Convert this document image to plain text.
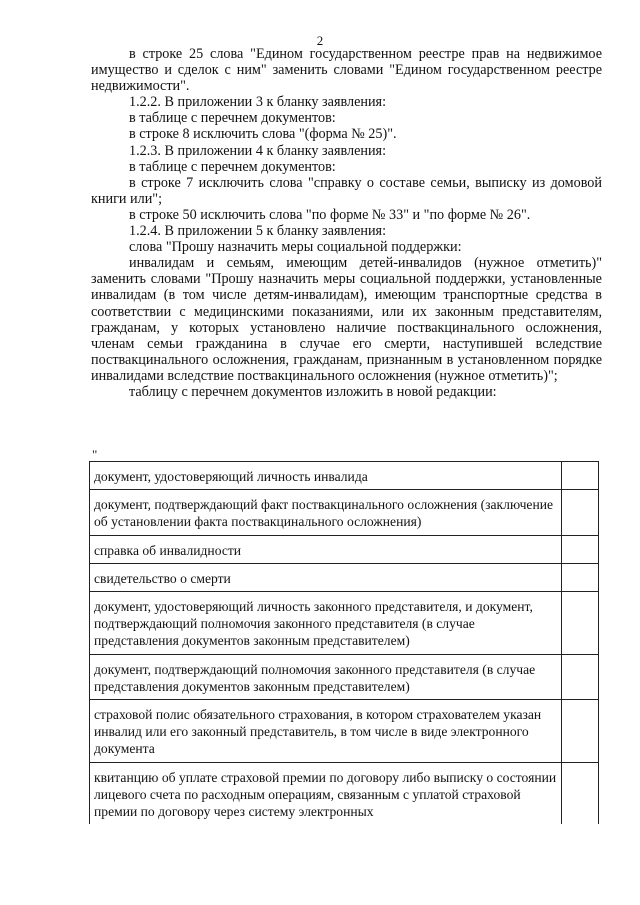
2

в строке 25 слова "Едином государственном реестре прав на недвижимое имущество и сделок с ним" заменить словами "Едином государственном реестре недвижимости".

1.2.2. В приложении 3 к бланку заявления:

в таблице с перечнем документов:

в строке 8 исключить слова "(форма № 25)".

1.2.3. В приложении 4 к бланку заявления:

в таблице с перечнем документов:

в строке 7 исключить слова "справку о составе семьи, выписку из домовой книги или";

в строке 50 исключить слова "по форме № 33" и "по форме № 26".

1.2.4. В приложении 5 к бланку заявления:

слова "Прошу назначить меры социальной поддержки:

инвалидам и семьям, имеющим детей-инвалидов (нужное отметить)" заменить словами "Прошу назначить меры социальной поддержки, установленные инвалидам (в том числе детям-инвалидам), имеющим транспортные средства в соответствии с медицинскими показаниями, или их законным представителям, гражданам, у которых установлено наличие поствакцинального осложнения, членам семьи гражданина в случае его смерти, наступившей вследствие поствакцинального осложнения, гражданам, признанным в установленном порядке инвалидами вследствие поствакцинального осложнения (нужное отметить)";

таблицу с перечнем документов изложить в новой редакции:

"
документ, удостоверяющий личность инвалида	
документ, подтверждающий факт поствакцинального осложнения (заключение об установлении факта поствакцинального осложнения)	
справка об инвалидности	
свидетельство о смерти	
документ, удостоверяющий личность законного представителя, и документ, подтверждающий полномочия законного представителя (в случае представления документов законным представителем)	
документ, подтверждающий полномочия законного представителя (в случае представления документов законным представителем)	
страховой полис обязательного страхования, в котором страхователем указан инвалид или его законный представитель, в том числе в виде электронного документа	
квитанцию об уплате страховой премии по договору либо выписку о состоянии лицевого счета по расходным операциям, связанным с уплатой страховой премии по договору через систему электронных	
